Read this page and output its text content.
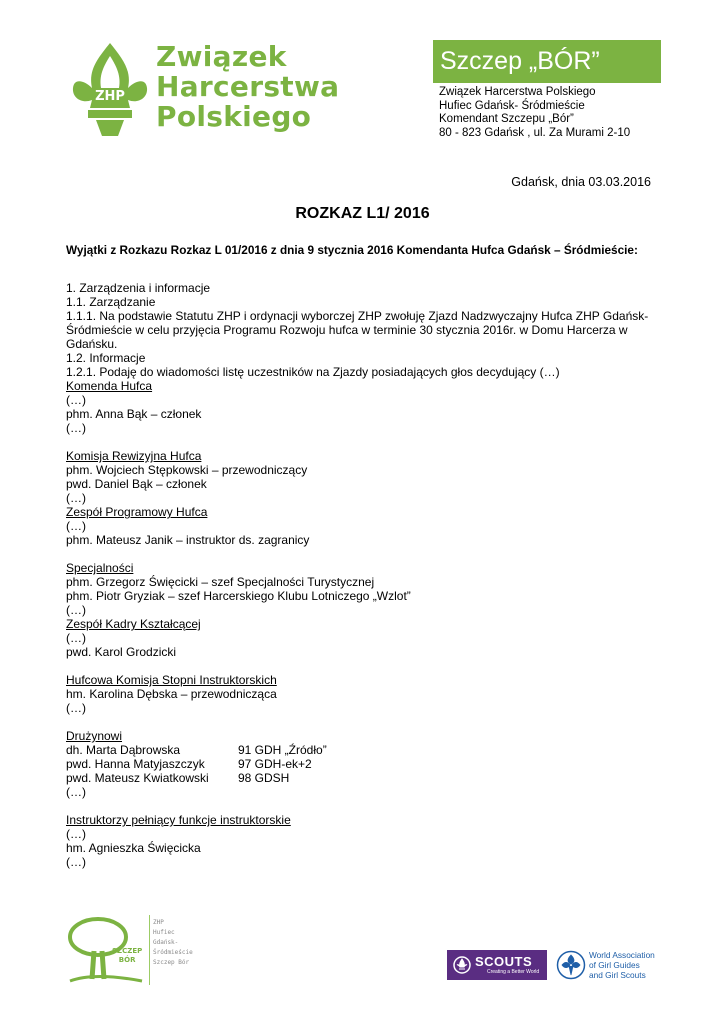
ZHP
Związek
Harcerstwa
Polskiego
Szczep „BÓR”
Związek Harcerstwa Polskiego
Hufiec Gdańsk- Śródmieście
Komendant Szczepu „Bór”
80 - 823 Gdańsk , ul. Za Murami 2-10
Gdańsk, dnia 03.03.2016
ROZKAZ L1/ 2016
Wyjątki z Rozkazu Rozkaz L 01/2016 z dnia 9 stycznia 2016 Komendanta Hufca Gdańsk – Śródmieście:
1. Zarządzenia i informacje
1.1. Zarządzanie
1.1.1. Na podstawie Statutu ZHP i ordynacji wyborczej ZHP zwołuję Zjazd Nadzwyczajny Hufca ZHP Gdańsk-Śródmieście w celu przyjęcia Programu Rozwoju hufca w terminie 30 stycznia 2016r. w Domu Harcerza w Gdańsku.
1.2. Informacje
1.2.1. Podaję do wiadomości listę uczestników na Zjazdy posiadających głos decydujący (…)
Komenda Hufca
(…)
phm. Anna Bąk – członek
(…)
Komisja Rewizyjna Hufca
phm. Wojciech Stępkowski – przewodniczący
pwd. Daniel Bąk – członek
(…)
Zespół Programowy Hufca
(…)
phm. Mateusz Janik – instruktor ds. zagranicy
Specjalności
phm. Grzegorz Święcicki – szef Specjalności Turystycznej
phm. Piotr Gryziak – szef Harcerskiego Klubu Lotniczego „Wzlot”
(…)
Zespół Kadry Kształcącej
(…)
pwd. Karol Grodzicki
Hufcowa Komisja Stopni Instruktorskich
hm. Karolina Dębska – przewodnicząca
(…)
Drużynowi
dh. Marta Dąbrowska	91 GDH „Źródło”
pwd. Hanna Matyjaszczyk	97 GDH-ek+2
pwd. Mateusz Kwiatkowski 98 GDSH
(…)
Instruktorzy pełniący funkcje instruktorskie
(…)
hm. Agnieszka Święcicka
(…)
SZCZEP
BÓR
ZHP
Hufiec
Gdańsk-
Śródmieście
Szczep Bór	SCOUTS
Creating a Better World
World Association
of Girl Guides
and Girl Scouts
